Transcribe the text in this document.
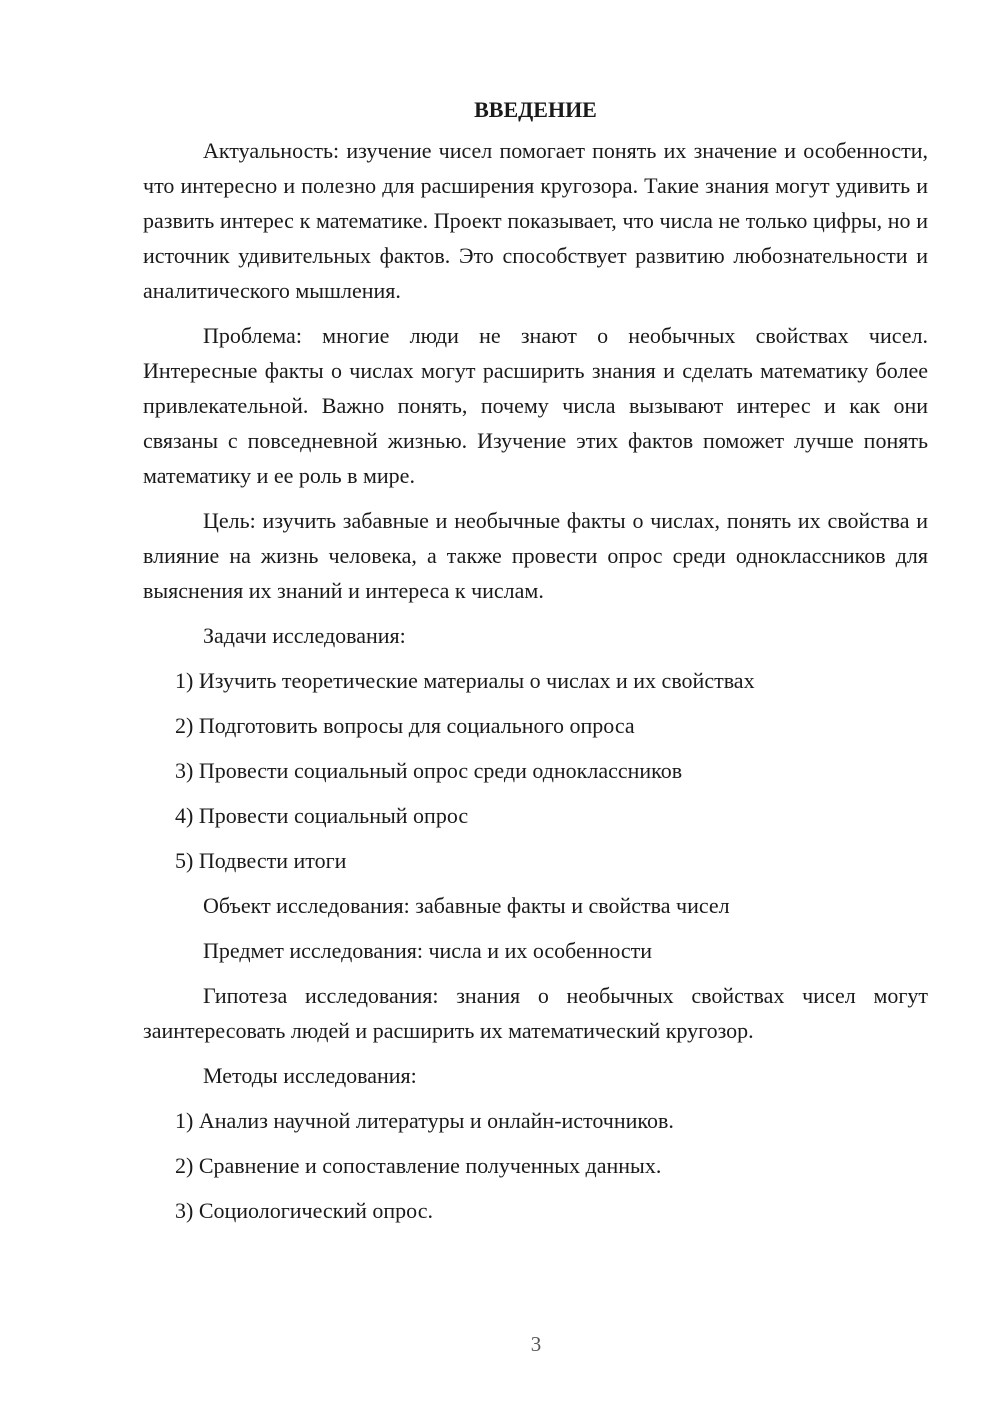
ВВЕДЕНИЕ

Актуальность: изучение чисел помогает понять их значение и особенности, что интересно и полезно для расширения кругозора. Такие знания могут удивить и развить интерес к математике. Проект показывает, что числа не только цифры, но и источник удивительных фактов. Это способствует развитию любознательности и аналитического мышления.

Проблема: многие люди не знают о необычных свойствах чисел. Интересные факты о числах могут расширить знания и сделать математику более привлекательной. Важно понять, почему числа вызывают интерес и как они связаны с повседневной жизнью. Изучение этих фактов поможет лучше понять математику и ее роль в мире.

Цель: изучить забавные и необычные факты о числах, понять их свойства и влияние на жизнь человека, а также провести опрос среди одноклассников для выяснения их знаний и интереса к числам.

Задачи исследования:
1) Изучить теоретические материалы о числах и их свойствах
2) Подготовить вопросы для социального опроса
3) Провести социальный опрос среди одноклассников
4) Провести социальный опрос
5) Подвести итоги
Объект исследования: забавные факты и свойства чисел
Предмет исследования: числа и их особенности

Гипотеза исследования: знания о необычных свойствах чисел могут заинтересовать людей и расширить их математический кругозор.

Методы исследования:
1) Анализ научной литературы и онлайн-источников.
2) Сравнение и сопоставление полученных данных.
3) Социологический опрос.
3
